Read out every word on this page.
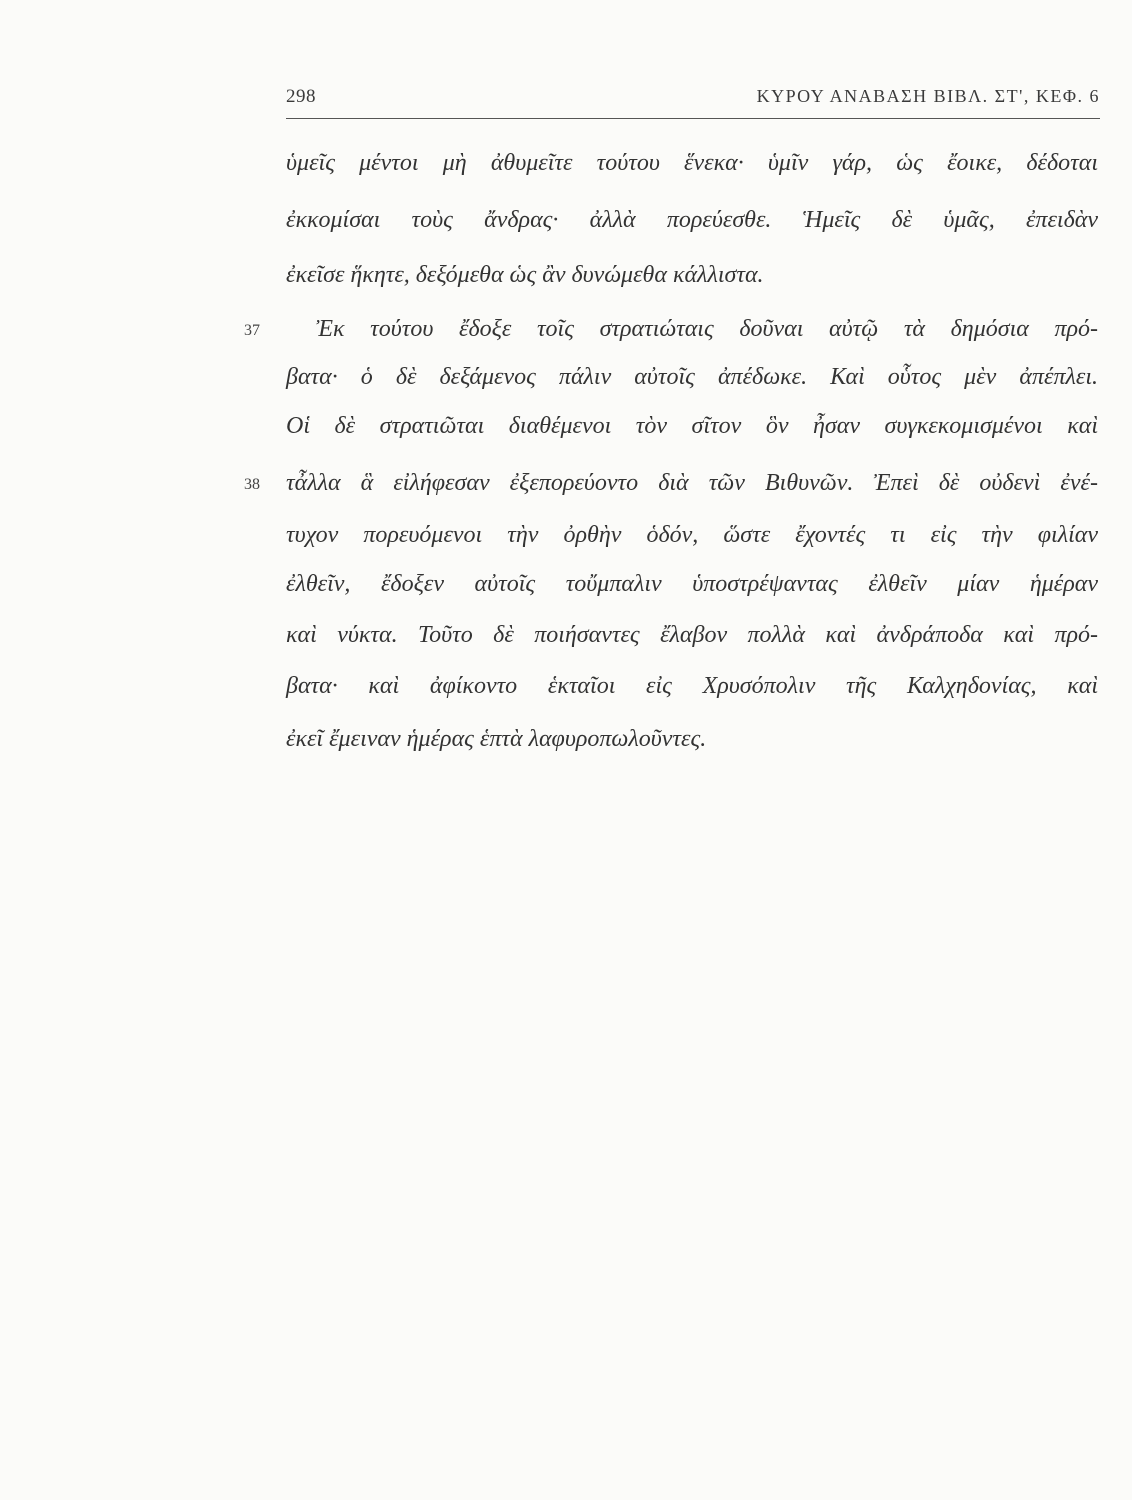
298	ΚΥΡΟΥ ΑΝΑΒΑΣΗ ΒΙΒΛ. ΣΤ', ΚΕΦ. 6
ὑμεῖς μέντοι μὴ ἀθυμεῖτε τούτου ἕνεκα· ὑμῖν γάρ, ὡς ἔοικε, δέδοται
ἐκκομίσαι τοὺς ἄνδρας· ἀλλὰ πορεύεσθε. Ἡμεῖς δὲ ὑμᾶς, ἐπειδὰν
ἐκεῖσε ἥκητε, δεξόμεθα ὡς ἂν δυνώμεθα κάλλιστα.
37 Ἐκ τούτου ἔδοξε τοῖς στρατιώταις δοῦναι αὐτῷ τὰ δημόσια πρό-
βατα· ὁ δὲ δεξάμενος πάλιν αὐτοῖς ἀπέδωκε. Καὶ οὗτος μὲν ἀπέπλει.
Οἱ δὲ στρατιῶται διαθέμενοι τὸν σῖτον ὃν ἦσαν συγκεκομισμένοι καὶ
38 τἆλλα ἃ εἰλήφεσαν ἐξεπορεύοντο διὰ τῶν Βιθυνῶν. Ἐπεὶ δὲ οὐδενὶ ἐνέ-
τυχον πορευόμενοι τὴν ὀρθὴν ὁδόν, ὥστε ἔχοντές τι εἰς τὴν φιλίαν
ἐλθεῖν, ἔδοξεν αὐτοῖς τοὔμπαλιν ὑποστρέψαντας ἐλθεῖν μίαν ἡμέραν
καὶ νύκτα. Τοῦτο δὲ ποιήσαντες ἔλαβον πολλὰ καὶ ἀνδράποδα καὶ πρό-
βατα· καὶ ἀφίκοντο ἑκταῖοι εἰς Χρυσόπολιν τῆς Καλχηδονίας, καὶ
ἐκεῖ ἔμειναν ἡμέρας ἑπτὰ λαφυροπωλοῦντες.
